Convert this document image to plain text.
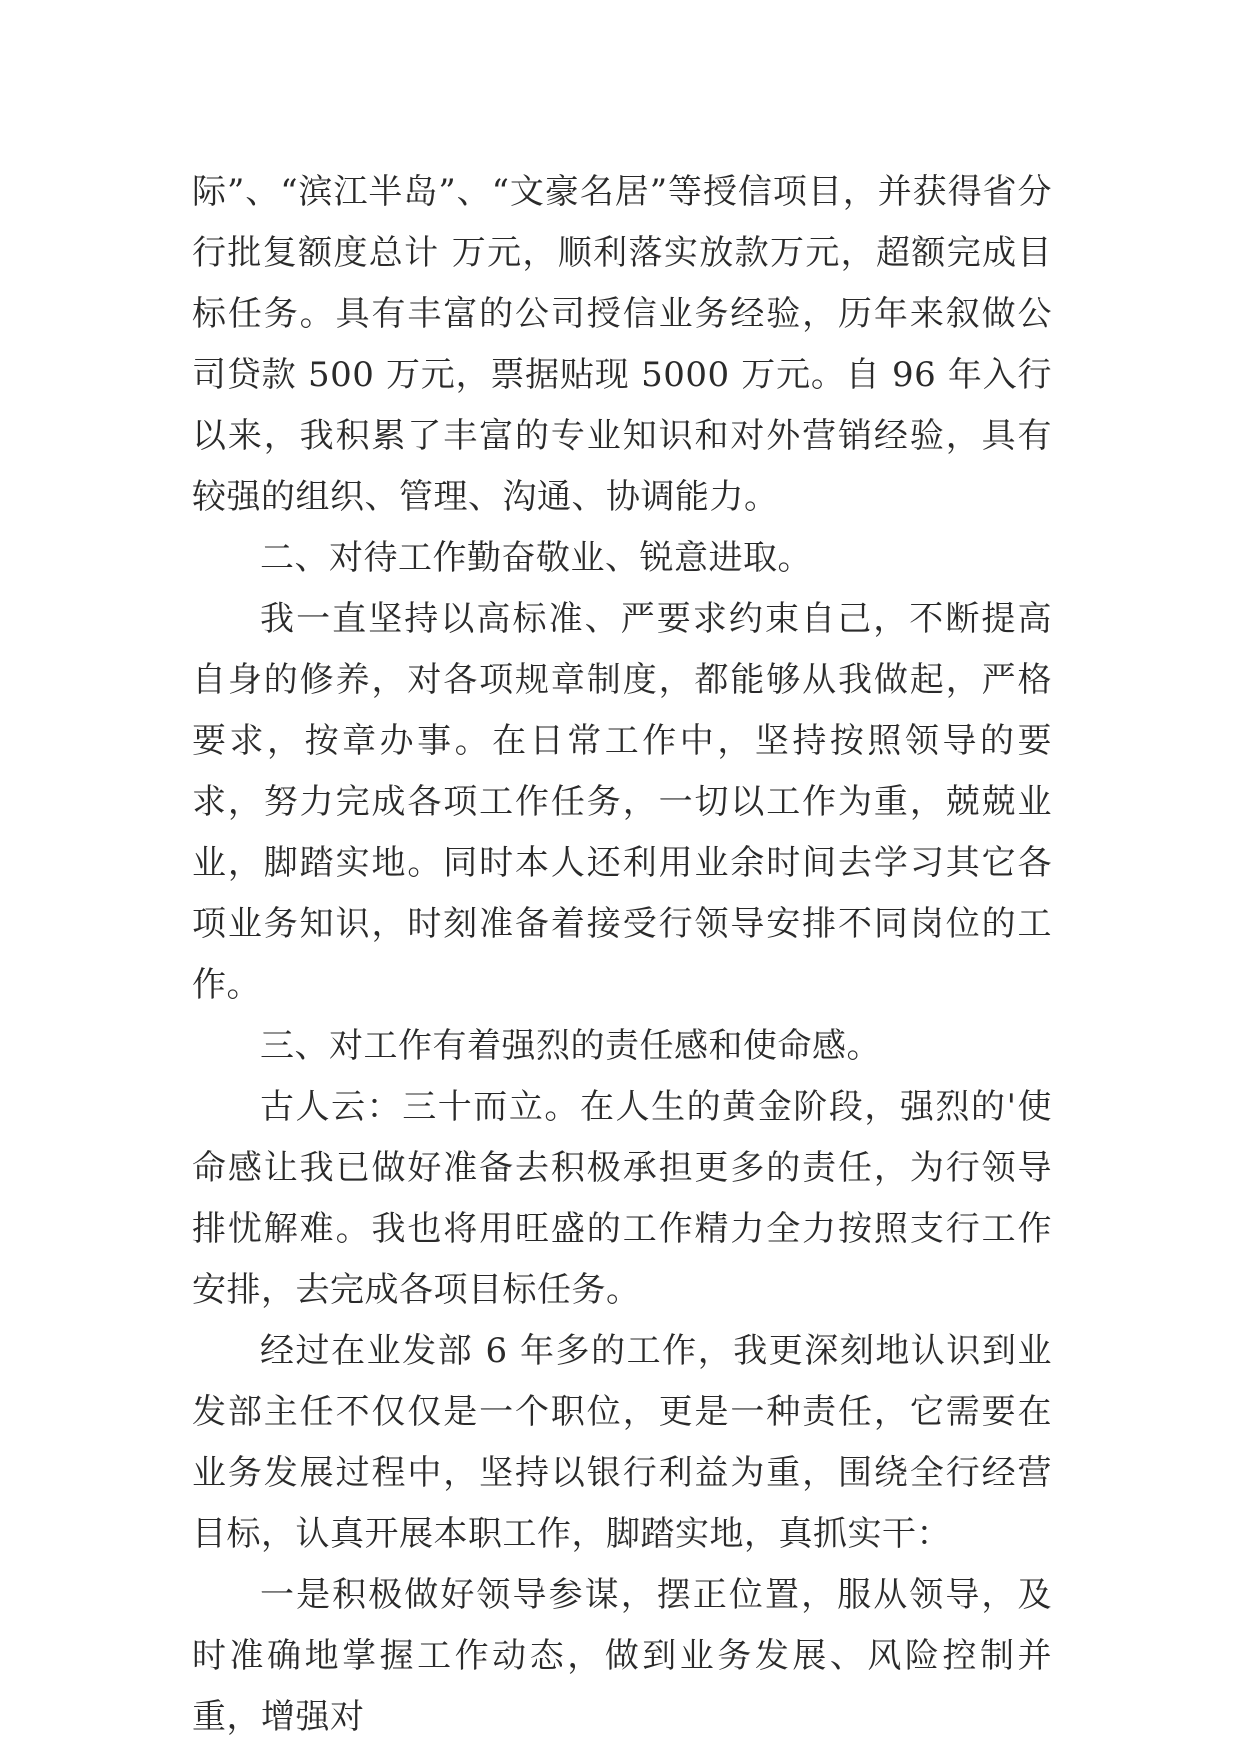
际”、“滨江半岛”、“文豪名居”等授信项目，并获得省分行批复额度总计 万元，顺利落实放款万元，超额完成目标任务。具有丰富的公司授信业务经验，历年来叙做公司贷款 500 万元，票据贴现 5000 万元。自 96 年入行以来，我积累了丰富的专业知识和对外营销经验，具有较强的组织、管理、沟通、协调能力。

二、对待工作勤奋敬业、锐意进取。

我一直坚持以高标准、严要求约束自己，不断提高自身的修养，对各项规章制度，都能够从我做起，严格要求，按章办事。在日常工作中，坚持按照领导的要求，努力完成各项工作任务，一切以工作为重，兢兢业业，脚踏实地。同时本人还利用业余时间去学习其它各项业务知识，时刻准备着接受行领导安排不同岗位的工作。

三、对工作有着强烈的责任感和使命感。

古人云：三十而立。在人生的黄金阶段，强烈的'使命感让我已做好准备去积极承担更多的责任，为行领导排忧解难。我也将用旺盛的工作精力全力按照支行工作安排，去完成各项目标任务。

经过在业发部 6 年多的工作，我更深刻地认识到业发部主任不仅仅是一个职位，更是一种责任，它需要在业务发展过程中，坚持以银行利益为重，围绕全行经营目标，认真开展本职工作，脚踏实地，真抓实干：

一是积极做好领导参谋，摆正位置，服从领导，及时准确地掌握工作动态，做到业务发展、风险控制并重，增强对
